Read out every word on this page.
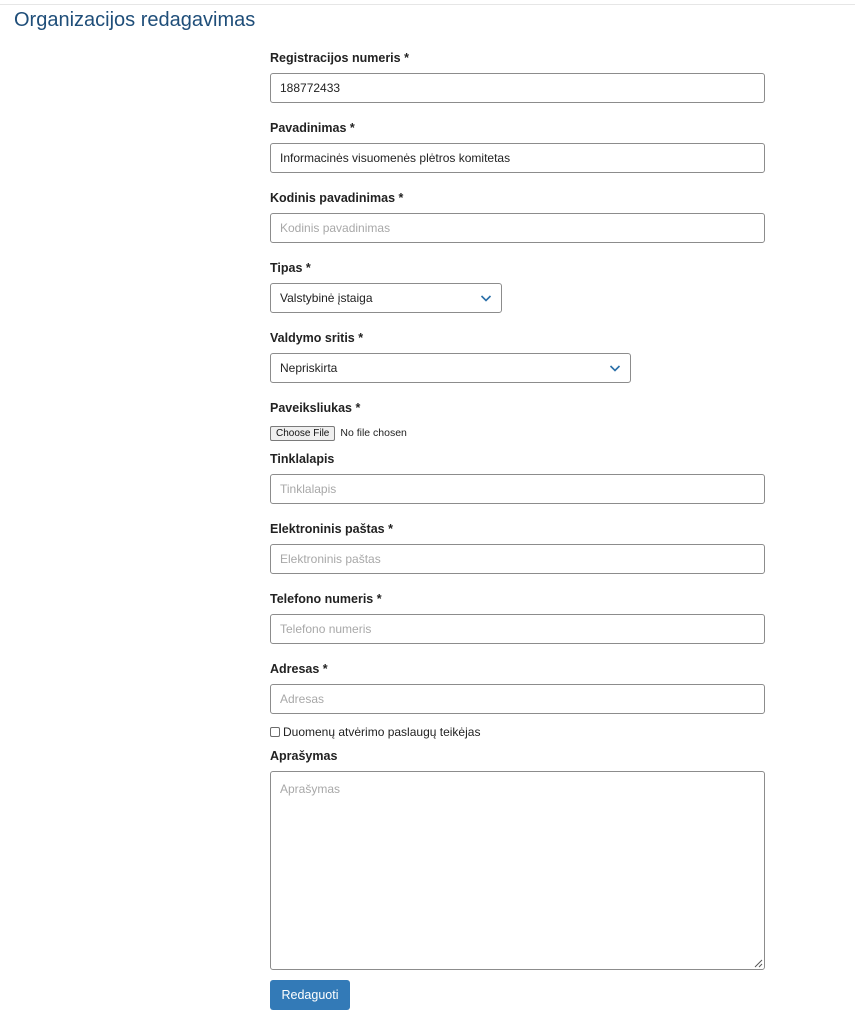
Organizacijos redagavimas
Registracijos numeris *
188772433
Pavadinimas *
Informacinės visuomenės plėtros komitetas
Kodinis pavadinimas *
Kodinis pavadinimas
Tipas *
Valstybinė įstaiga
Valdymo sritis *
Nepriskirta
Paveiksliukas *
Choose File	No file chosen
Tinklalapis
Tinklalapis
Elektroninis paštas *
Elektroninis paštas
Telefono numeris *
Telefono numeris
Adresas *
Adresas
Duomenų atvėrimo paslaugų teikėjas
Aprašymas
Aprašymas
Redaguoti
